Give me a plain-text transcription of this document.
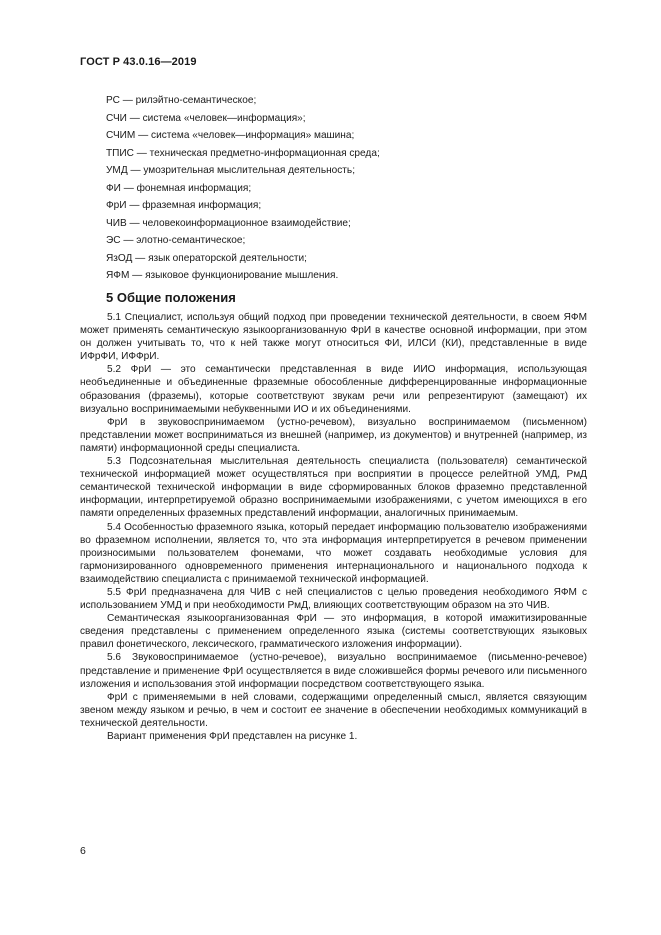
ГОСТ Р 43.0.16—2019
РС — рилэйтно-семантическое;
СЧИ — система «человек—информация»;
СЧИМ — система «человек—информация» машина;
ТПИС — техническая предметно-информационная среда;
УМД — умозрительная мыслительная деятельность;
ФИ — фонемная информация;
ФрИ — фраземная информация;
ЧИВ — человекоинформационное взаимодействие;
ЭС — элотно-семантическое;
ЯзОД — язык операторской деятельности;
ЯФМ — языковое функционирование мышления.
5 Общие положения

5.1 Специалист, используя общий подход при проведении технической деятельности, в своем ЯФМ может применять семантическую языкоорганизованную ФрИ в качестве основной информации, при этом он должен учитывать то, что к ней также могут относиться ФИ, ИЛСИ (КИ), представленные в виде ИФрФИ, ИФФрИ.

5.2 ФрИ — это семантически представленная в виде ИИО информация, использующая необъединенные и объединенные фраземные обособленные дифференцированные информационные образования (фраземы), которые соответствуют звукам речи или репрезентируют (замещают) их визуально воспринимаемыми небуквенными ИО и их объединениями.

ФрИ в звуковоспринимаемом (устно-речевом), визуально воспринимаемом (письменном) представлении может восприниматься из внешней (например, из документов) и внутренней (например, из памяти) информационной среды специалиста.

5.3 Подсознательная мыслительная деятельность специалиста (пользователя) семантической технической информацией может осуществляться при восприятии в процессе релейтной УМД, РмД семантической технической информации в виде сформированных блоков фраземно представленной информации, интерпретируемой образно воспринимаемыми изображениями, с учетом имеющихся в его памяти определенных фраземных представлений информации, аналогичных принимаемым.

5.4 Особенностью фраземного языка, который передает информацию пользователю изображениями во фраземном исполнении, является то, что эта информация интерпретируется в речевом применении произносимыми пользователем фонемами, что может создавать необходимые условия для гармонизированного одновременного применения интернационального и национального подхода к взаимодействию специалиста с принимаемой технической информацией.

5.5 ФрИ предназначена для ЧИВ с ней специалистов с целью проведения необходимого ЯФМ с использованием УМД и при необходимости РмД, влияющих соответствующим образом на это ЧИВ.

Семантическая языкоорганизованная ФрИ — это информация, в которой имажитизированные сведения представлены с применением определенного языка (системы соответствующих языковых правил фонетического, лексического, грамматического изложения информации).

5.6 Звуковоспринимаемое (устно-речевое), визуально воспринимаемое (письменно-речевое) представление и применение ФрИ осуществляется в виде сложившейся формы речевого или письменного изложения и использования этой информации посредством соответствующего языка.

ФрИ с применяемыми в ней словами, содержащими определенный смысл, является связующим звеном между языком и речью, в чем и состоит ее значение в обеспечении необходимых коммуникаций в технической деятельности.

Вариант применения ФрИ представлен на рисунке 1.

6
